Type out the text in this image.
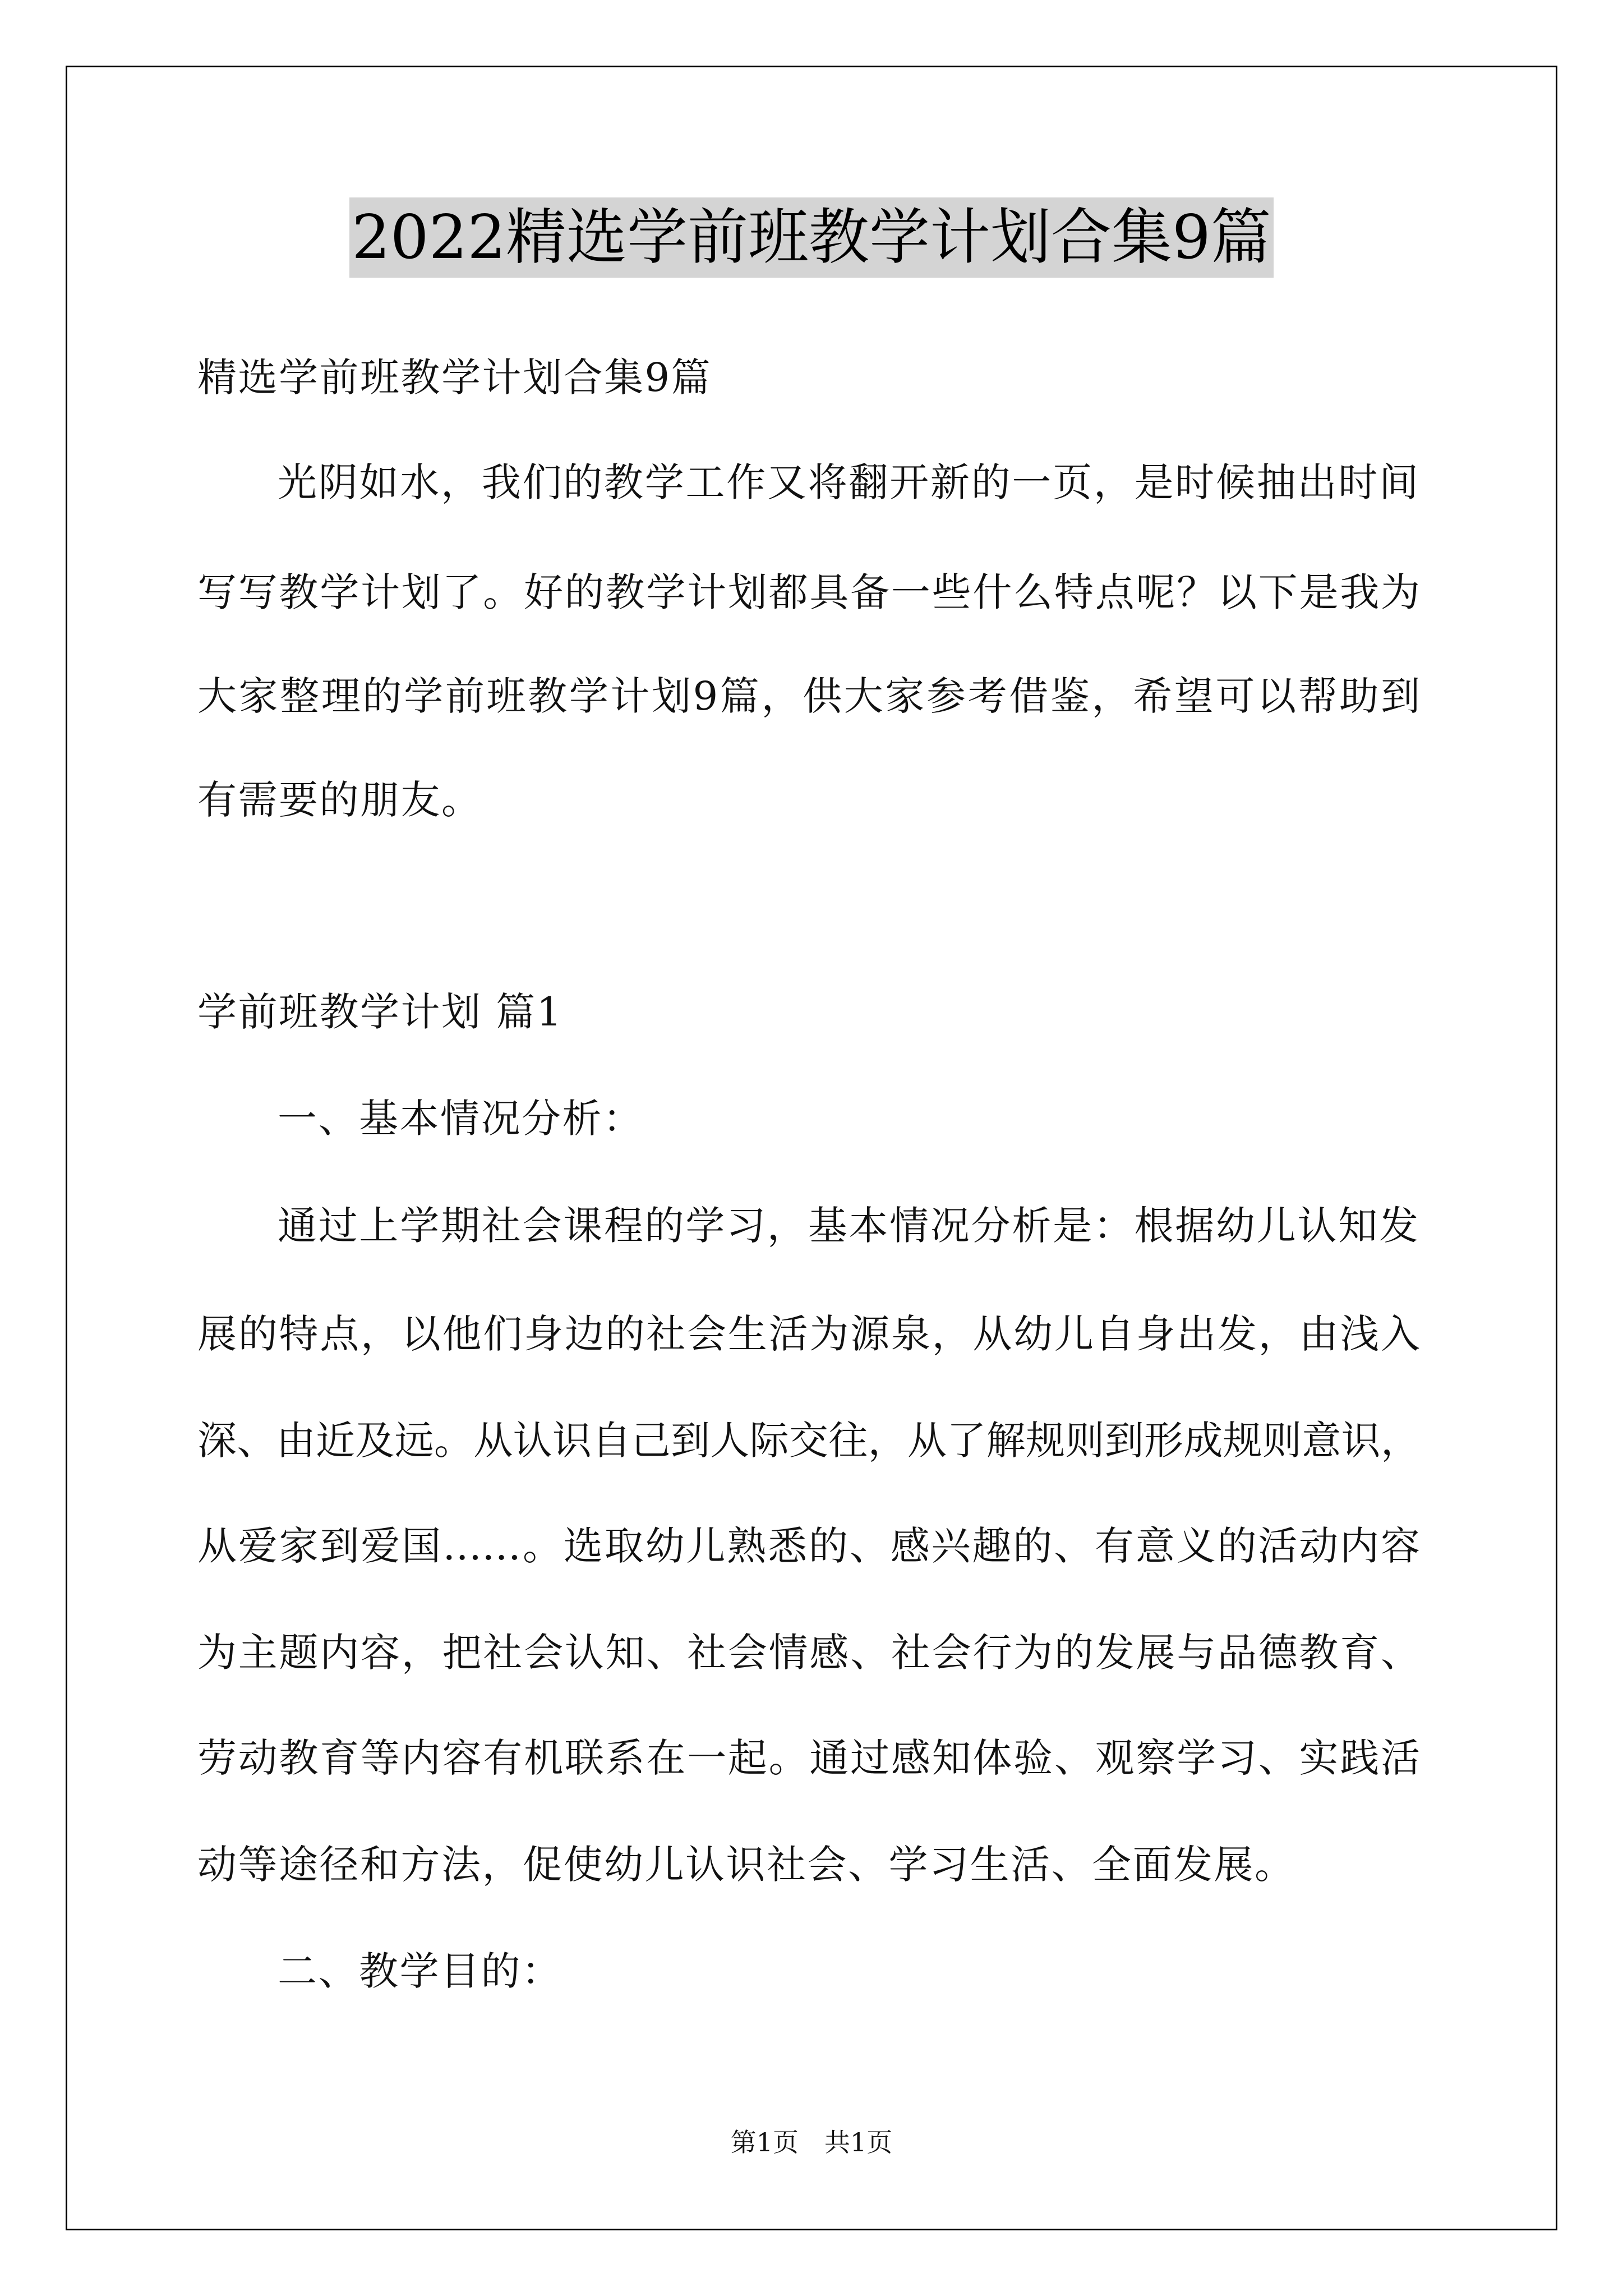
2022精选学前班教学计划合集9篇
精选学前班教学计划合集9篇
光阴如水，我们的教学工作又将翻开新的一页，是时候抽出时间
写写教学计划了。好的教学计划都具备一些什么特点呢？以下是我为
大家整理的学前班教学计划9篇，供大家参考借鉴，希望可以帮助到
有需要的朋友。
学前班教学计划 篇1
一、基本情况分析：
通过上学期社会课程的学习，基本情况分析是：根据幼儿认知发
展的特点，以他们身边的社会生活为源泉，从幼儿自身出发，由浅入
深、由近及远。从认识自己到人际交往，从了解规则到形成规则意识，
从爱家到爱国……。选取幼儿熟悉的、感兴趣的、有意义的活动内容
为主题内容，把社会认知、社会情感、社会行为的发展与品德教育、
劳动教育等内容有机联系在一起。通过感知体验、观察学习、实践活
动等途径和方法，促使幼儿认识社会、学习生活、全面发展。
二、教学目的：
第1页 共1页
